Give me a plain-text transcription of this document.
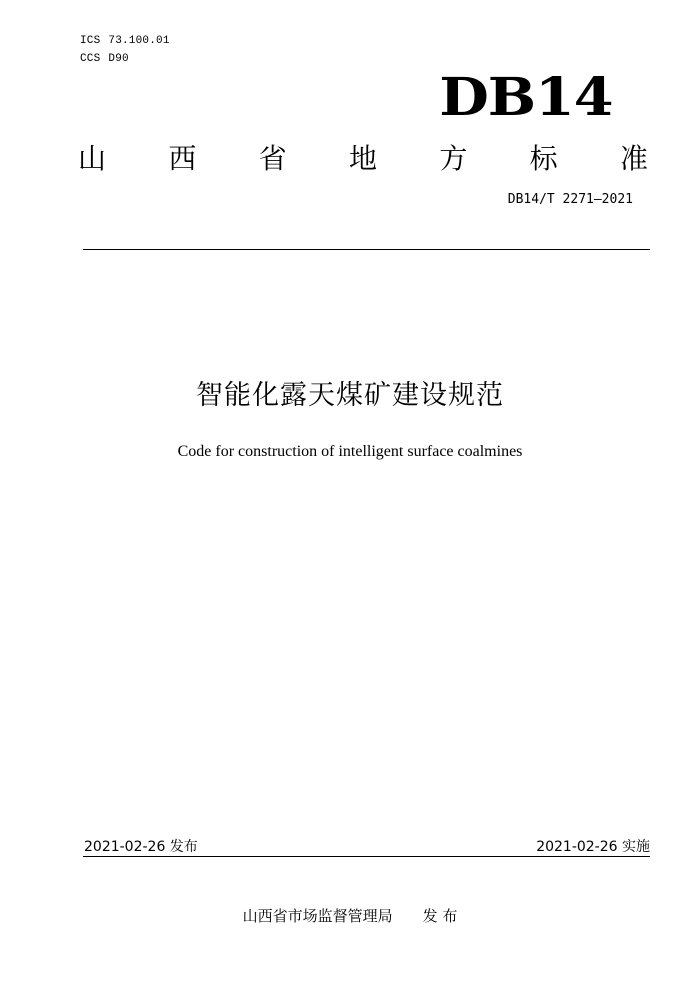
ICS 73.100.01
CCS D90
DB14
山 西 省 地 方 标 准
DB14/T 2271—2021
智能化露天煤矿建设规范
Code for construction of intelligent surface coalmines
2021-02-26 发布	2021-02-26 实施
山西省市场监督管理局 发 布
